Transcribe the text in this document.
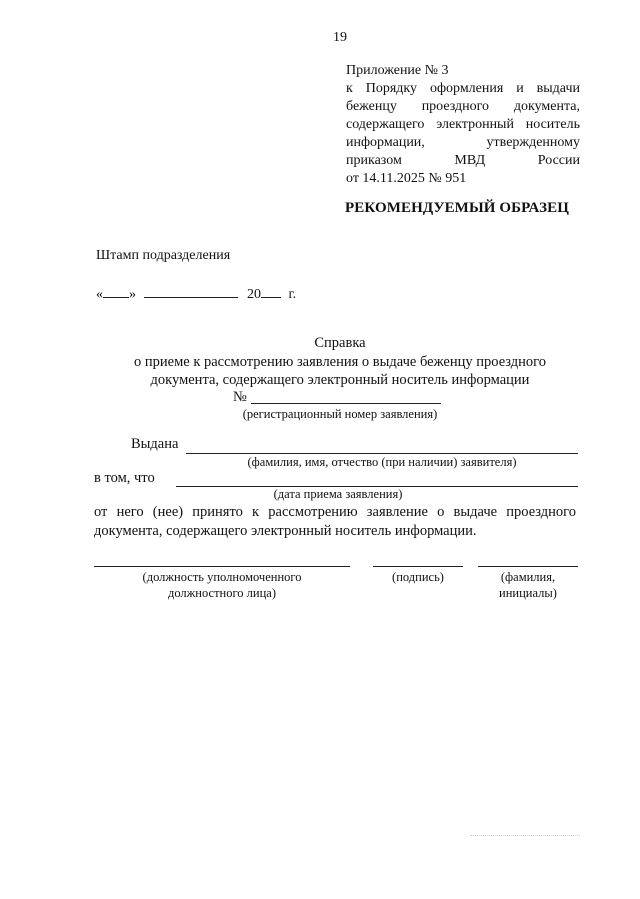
19
Приложение № 3
к Порядку оформления и выдачи
беженцу проездного документа,
содержащего электронный носитель
информации, утвержденному
приказом МВД России
от 14.11.2025 № 951
РЕКОМЕНДУЕМЫЙ ОБРАЗЕЦ
Штамп подразделения
« »	20 г.
Справка
о приеме к рассмотрению заявления о выдаче беженцу проездного
документа, содержащего электронный носитель информации
№
(регистрационный номер заявления)
Выдана
(фамилия, имя, отчество (при наличии) заявителя)
в том, что
(дата приема заявления)
от него (нее) принято к рассмотрению заявление о выдаче проездного
документа, содержащего электронный носитель информации.
(должность уполномоченного
должностного лица)
(подпись)	(фамилия,
инициалы)
